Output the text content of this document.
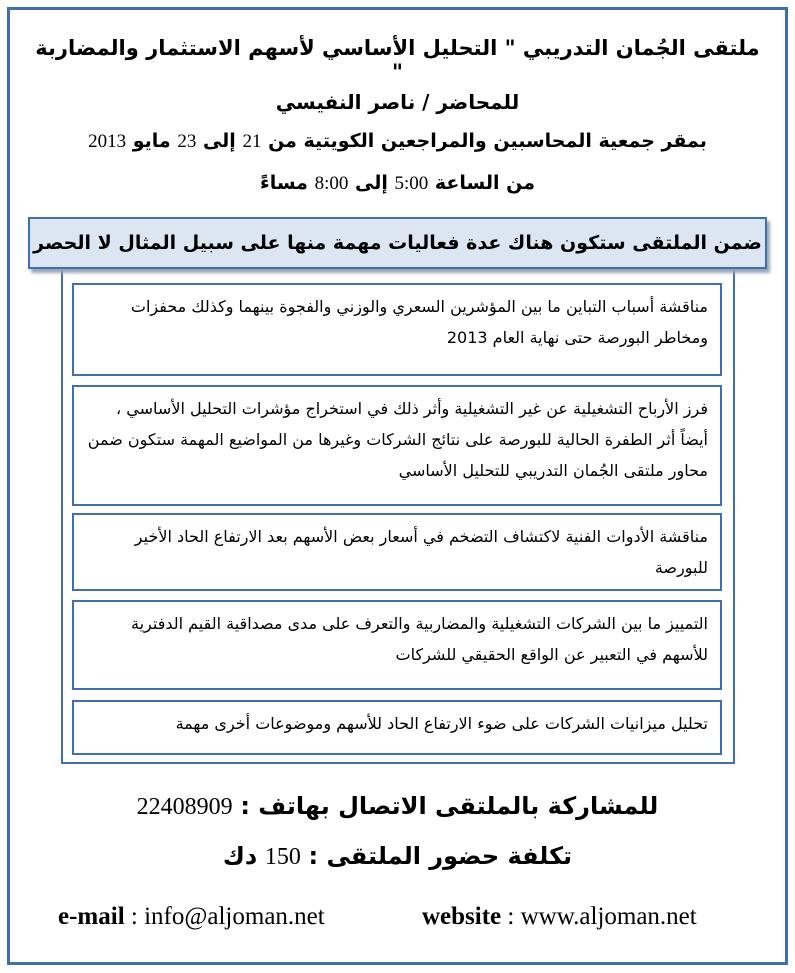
ملتقى الجُمان التدريبي " التحليل الأساسي لأسهم الاستثمار والمضاربة "
للمحاضر / ناصر النفيسي
بمقر جمعية المحاسبين والمراجعين الكويتية من 21 إلى 23 مايو 2013
من الساعة 5:00 إلى 8:00 مساءً
ضمن الملتقى ستكون هناك عدة فعاليات مهمة منها على سبيل المثال لا الحصر
مناقشة أسباب التباين ما بين المؤشرين السعري والوزني والفجوة بينهما وكذلك محفزات ومخاطر البورصة حتى نهاية العام 2013
فرز الأرباح التشغيلية عن غير التشغيلية وأثر ذلك في استخراج مؤشرات التحليل الأساسي ، أيضاً أثر الطفرة الحالية للبورصة على نتائج الشركات وغيرها من المواضيع المهمة ستكون ضمن محاور ملتقى الجُمان التدريبي للتحليل الأساسي
مناقشة الأدوات الفنية لاكتشاف التضخم في أسعار بعض الأسهم بعد الارتفاع الحاد الأخير للبورصة
التمييز ما بين الشركات التشغيلية والمضاربية والتعرف على مدى مصداقية القيم الدفترية للأسهم في التعبير عن الواقع الحقيقي للشركات
تحليل ميزانيات الشركات على ضوء الارتفاع الحاد للأسهم وموضوعات أخرى مهمة
للمشاركة بالملتقى الاتصال بهاتف : 22408909
تكلفة حضور الملتقى : 150 دك
e-mail : info@aljoman.net	website : www.aljoman.net
